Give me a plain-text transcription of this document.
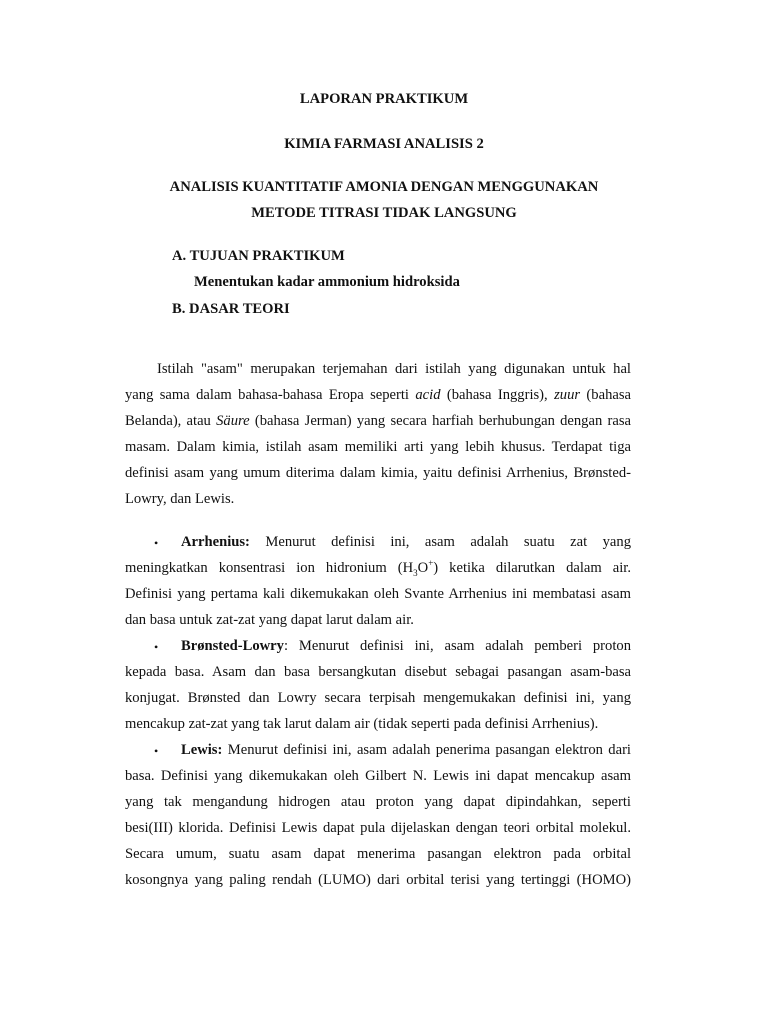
LAPORAN PRAKTIKUM
KIMIA FARMASI ANALISIS 2
ANALISIS KUANTITATIF AMONIA DENGAN MENGGUNAKAN
METODE TITRASI TIDAK LANGSUNG
A. TUJUAN PRAKTIKUM
Menentukan kadar ammonium hidroksida
B. DASAR TEORI
Istilah "asam" merupakan terjemahan dari istilah yang digunakan untuk hal
yang sama dalam bahasa-bahasa Eropa seperti acid (bahasa Inggris), zuur (bahasa
Belanda), atau Säure (bahasa Jerman) yang secara harfiah berhubungan dengan rasa
masam. Dalam kimia, istilah asam memiliki arti yang lebih khusus. Terdapat tiga
definisi asam yang umum diterima dalam kimia, yaitu definisi Arrhenius, Brønsted-
Lowry, dan Lewis.
• Arrhenius: Menurut definisi ini, asam adalah suatu zat yang
meningkatkan konsentrasi ion hidronium $(H_3O^+)$ ketika dilarutkan dalam air.
Definisi yang pertama kali dikemukakan oleh Svante Arrhenius ini membatasi asam
dan basa untuk zat-zat yang dapat larut dalam air.
• Brønsted-Lowry: Menurut definisi ini, asam adalah pemberi proton
kepada basa. Asam dan basa bersangkutan disebut sebagai pasangan asam-basa
konjugat. Brønsted dan Lowry secara terpisah mengemukakan definisi ini, yang
mencakup zat-zat yang tak larut dalam air (tidak seperti pada definisi Arrhenius).
• Lewis: Menurut definisi ini, asam adalah penerima pasangan elektron dari
basa. Definisi yang dikemukakan oleh Gilbert N. Lewis ini dapat mencakup asam
yang tak mengandung hidrogen atau proton yang dapat dipindahkan, seperti
besi(III) klorida. Definisi Lewis dapat pula dijelaskan dengan teori orbital molekul.
Secara umum, suatu asam dapat menerima pasangan elektron pada orbital
kosongnya yang paling rendah (LUMO) dari orbital terisi yang tertinggi (HOMO)
